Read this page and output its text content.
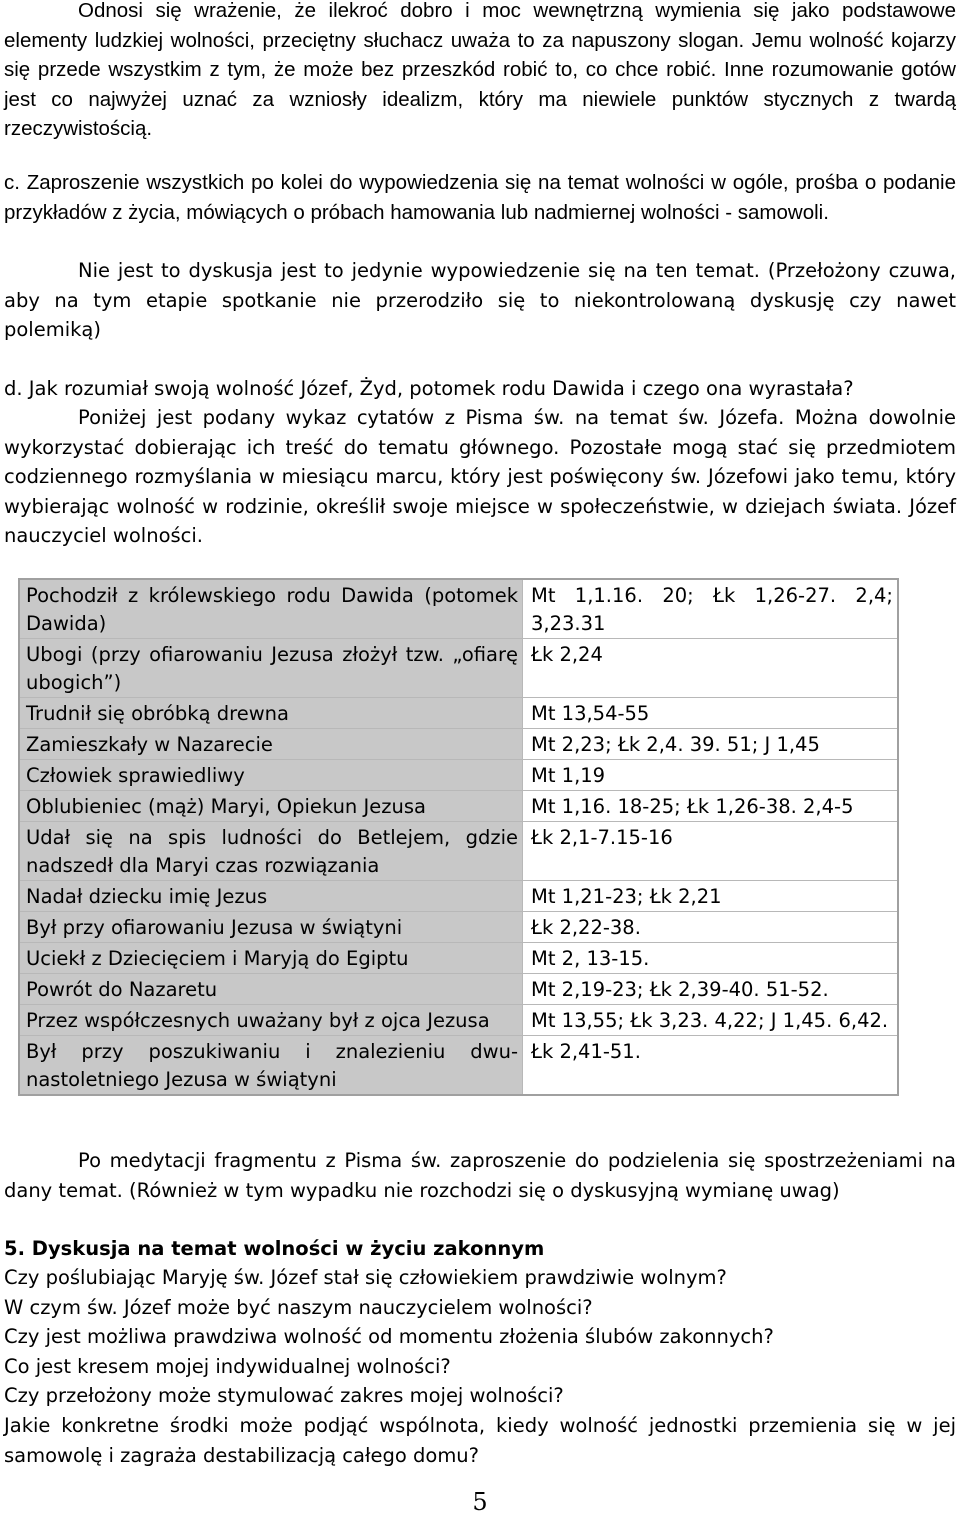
Odnosi się wrażenie, że ilekroć dobro i moc wewnętrzną wymienia się jako podstawowe elementy ludzkiej wolności, przeciętny słuchacz uważa to za napuszony slogan. Jemu wolność kojarzy się przede wszystkim z tym, że może bez przeszkód robić to, co chce robić. Inne rozumowanie gotów jest co najwyżej uznać za wzniosły idealizm, który ma niewiele punktów stycznych z twardą rzeczywistością.

c. Zaproszenie wszystkich po kolei do wypowiedzenia się na temat wolności w ogóle, prośba o podanie przykładów z życia, mówiących o próbach hamowania lub nadmiernej wolności - samowoli.

Nie jest to dyskusja jest to jedynie wypowiedzenie się na ten temat. (Przełożony czuwa, aby na tym etapie spotkanie nie przerodziło się to niekontrolowaną dyskusję czy nawet polemiką)

d. Jak rozumiał swoją wolność Józef, Żyd, potomek rodu Dawida i czego ona wyrastała?

Poniżej jest podany wykaz cytatów z Pisma św. na temat św. Józefa. Można dowolnie wykorzystać dobierając ich treść do tematu głównego. Pozostałe mogą stać się przedmiotem codziennego rozmyślania w miesiącu marcu, który jest poświęcony św. Józefowi jako temu, który wybierając wolność w rodzinie, określił swoje miejsce w społeczeństwie, w dziejach świata. Józef nauczyciel wolności.

Pochodził z królewskiego rodu Dawida (potomek Dawida)	Mt 1,1.16. 20; Łk 1,26-27. 2,4; 3,23.31
Ubogi (przy ofiarowaniu Jezusa złożył tzw. „ofiarę ubogich”)	Łk 2,24
Trudnił się obróbką drewna	Mt 13,54-55
Zamieszkały w Nazarecie	Mt 2,23; Łk 2,4. 39. 51; J 1,45
Człowiek sprawiedliwy	Mt 1,19
Oblubieniec (mąż) Maryi, Opiekun Jezusa	Mt 1,16. 18-25; Łk 1,26-38. 2,4-5
Udał się na spis ludności do Betlejem, gdzie nadszedł dla Maryi czas rozwiązania	Łk 2,1-7.15-16
Nadał dziecku imię Jezus	Mt 1,21-23; Łk 2,21
Był przy ofiarowaniu Jezusa w świątyni	Łk 2,22-38.
Uciekł z Dziecięciem i Maryją do Egiptu	Mt 2, 13-15.
Powrót do Nazaretu	Mt 2,19-23; Łk 2,39-40. 51-52.
Przez współczesnych uważany był z ojca Jezusa	Mt 13,55; Łk 3,23. 4,22; J 1,45. 6,42.
Był przy poszukiwaniu i znalezieniu dwu-nastoletniego Jezusa w świątyni	Łk 2,41-51.

Po medytacji fragmentu z Pisma św. zaproszenie do podzielenia się spostrzeżeniami na dany temat. (Również w tym wypadku nie rozchodzi się o dyskusyjną wymianę uwag)

5. Dyskusja na temat wolności w życiu zakonnym
Czy poślubiając Maryję św. Józef stał się człowiekiem prawdziwie wolnym?
W czym św. Józef może być naszym nauczycielem wolności?
Czy jest możliwa prawdziwa wolność od momentu złożenia ślubów zakonnych?
Co jest kresem mojej indywidualnej wolności?
Czy przełożony może stymulować zakres mojej wolności?
Jakie konkretne środki może podjąć wspólnota, kiedy wolność jednostki przemienia się w jej samowolę i zagraża destabilizacją całego domu?
5
